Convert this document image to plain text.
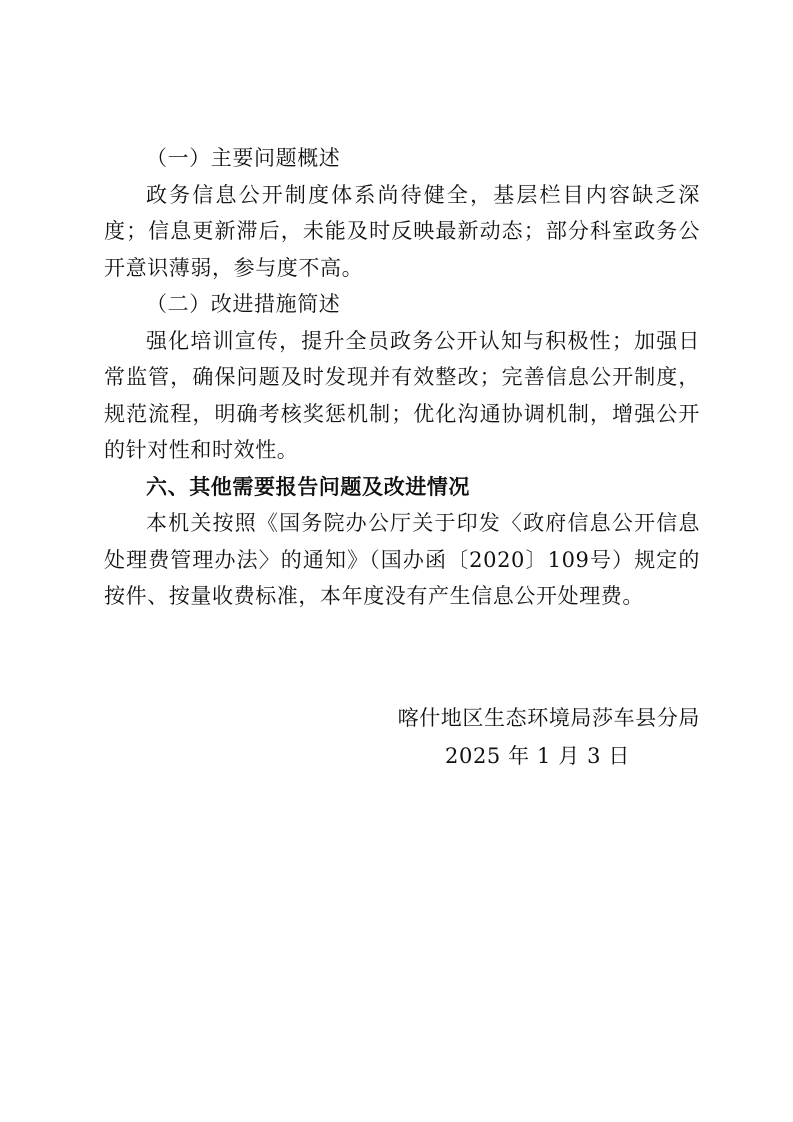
（一）主要问题概述

政务信息公开制度体系尚待健全，基层栏目内容缺乏深度；信息更新滞后，未能及时反映最新动态；部分科室政务公开意识薄弱，参与度不高。

（二）改进措施简述

强化培训宣传，提升全员政务公开认知与积极性；加强日常监管，确保问题及时发现并有效整改；完善信息公开制度，规范流程，明确考核奖惩机制；优化沟通协调机制，增强公开的针对性和时效性。

六、其他需要报告问题及改进情况

本机关按照《国务院办公厅关于印发〈政府信息公开信息处理费管理办法〉的通知》（国办函〔2020〕109号）规定的按件、按量收费标准，本年度没有产生信息公开处理费。

喀什地区生态环境局莎车县分局
2025 年 1 月 3 日
